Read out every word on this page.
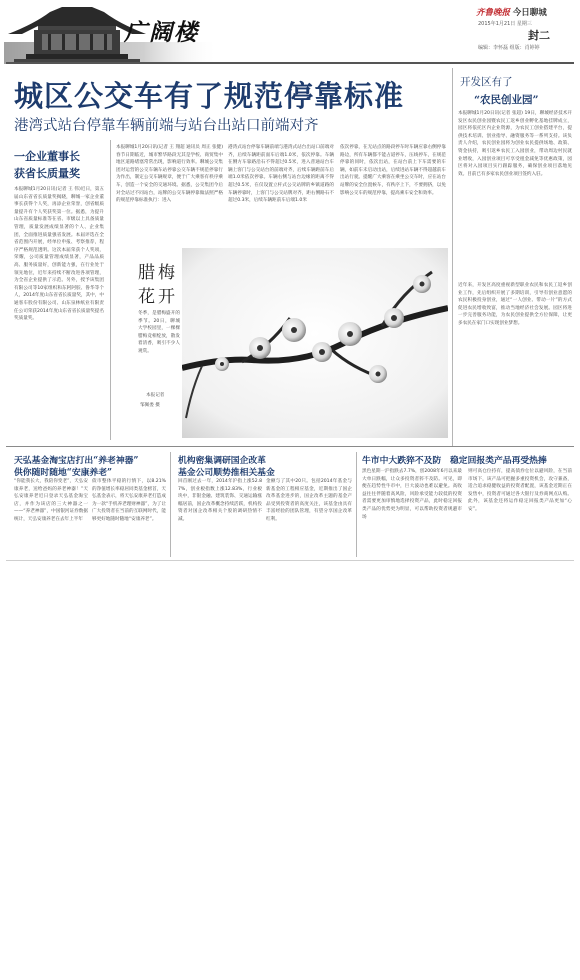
广阔楼
齐鲁晚报 今日聊城
2015年1月21日 星期三
封二
编辑：李怀磊 组版：肖婷婷
城区公交车有了规范停靠标准
港湾式站台停靠车辆前端与站台出站口前端对齐
一企业董事长
获省长质量奖
本报聊城1月20日讯(记者 王 伟)近日，第五届山东省省长质量奖揭晓，聊城一家企业董事长获得个人奖，再添企业荣誉，创省级质量提升有个人奖获奖第一位。据悉，为提升山东省质量标准等在省、市级以上具备质量管理，质量发展成绩显著的个人、企业集团，全面推进质量强省发展。本届评选在全省范围内开展，经单位申报、考察推荐，程序严格规范透明。这次本届荣获个人奖项，荣耀，公司质量管理成绩显著，产品品质高、服务质量好，创新能力强，在行业处于领先地位，近年来持续不断改进各项管理，为全省企业提供了示范。另外，授予该集团有限公司等10家组织和东阿阿胶、鲁华等个人，2014年度山东省省长质量奖，其中，中通客车股份有限公司、山东泉林纸业有限责任公司荣获2014年度山东省省长质量奖提名奖质量奖。
本报聊城1月20日讯(记者 王 翔超 通讯员 周正 张健) 春节日期临近，城市繁华路段无其是学校、商贸集中地区道路堵塞常常出现，影响道行效率。聊城公交集团对运营的公交车辆车站停靠公交车辆不规范停靠行为作出，制定公交车辆规章，便于广大乘客有秩序乘车，创造一个安全的交通环境。据悉，公交集团今后对全站过不同站台，站牌的公交车辆停靠做法照严格的规范停靠标准执行：进入
港湾式站台停靠车辆前端与港湾式站台出站口前端对齐，后续车辆距前面车后端1.0米，依次停靠。车辆在侧方车靠路沿石不得超过0.5米，进入普通站台车辆上客门与公交站台的前端对齐，后续车辆距前车后端1.0米依次停靠。车辆右侧与站台边缘的距离不得超过0.5米，在仅设置立杆式公交站牌的乡镇道路的车辆停靠时，上客门与公交站牌对齐，距右侧路石不超过0.3米，后续车辆距前车后端1.0米
依次停靠，在无站点的路段停车时车辆应靠右侧停靠路边，所有车辆都不能占道停车，压线停车，在规范停靠的同时，依次出站，在站台前上下车需要的车辆，如前车未启动出站，后续进站车辆不得超越前车出站行驶。提醒广大乘客在乘坐公交车时，应在站台站牌的安全位置候车，有秩序上下，不要拥挤，以免影响公交车的规范停靠，提高乘车安全和效率。
腊梅
花开
冬季，是腊梅盛开的季节。20日，聊城大学校园里，一棵棵腊梅竞相绽放，散发着清香，吸引不少人观赏。
本报记者
邹佩娄 摄
开发区有了
“农民创业园”
本报聊城1月20日讯(记者 张超) 19日，聊城经济技术开发区农民创业园暨农民工返乡创业孵化基地挂牌成立，园区将依托区内企业资源，为农民工创业搭建平台，提供技术培训、创业指导、融资服务等一系列支持。该负责人介绍，农民创业园将为创业农民提供场地、政策、资金扶持，吸引返乡农民工入园创业，带动周边村民就业增收，入园创业项目可享受租金减免等优惠政策，园区将对入园项目实行跟踪服务，确保创业项目落地见效。目前已有多家农民创业项目签约入驻。
近年来，开发区高度重视新型职业农民和农民工返乡创业工作，先后组织开展了多期培训，引导有创业意愿的农民积极投身创业，通过“一人创业、带动一片”的方式促进农民增收致富，推动当地经济社会发展。园区将进一步完善服务功能，为农民创业提供全方位保障，让更多农民在家门口实现创业梦想。
天弘基金淘宝店打出“养老神器”
供你随时随地“安康养老”
“你能我长大，我陪你变老”，天弘安康养老，送给爸妈的养老神器！”天弘安康养老近日登录天弘基金淘宝店，并作为该店的三大神器之一——“养老神器”，中国银河证券数据统计，天弘安康养老在去年上半年
债市整体平稳的行情下，以8.21%的净值增长率稳居同类基金榜首，天弘基金表示，将天弘安康养老打造成为一款“手机养老理财神器”，为了让广大投资者在当前的互联网时代，能够更好地随时随地“安康养老”。
机构密集调研国企改革
基金公司顺势推相关基金
回首刚过去一年，2014年沪指上涨52.87%，创业板指数上涨12.83%，行业板块中，非银金融、建筑装饰、交通运输涨幅居前，国企改革概念持续活跃，机构投资者对国企改革相关个股的调研热情不减。
金额与了其中20只。包括2014年基金与新基金的工程相应基金，近期推出了国企改革基金进步的，国企改革主题的基金产品受到投资者的高度关注，该基金由具有丰富经验的团队管理，有望分享国企改革红利。
牛市中大跌猝不及防 稳定回报类产品再受热捧
黑色星期一沪指跌去7.7%，创2008年6月以来最大单日跌幅，让众多投资者猝不及防。可见，即便在趋势性牛市中，巨大波动也难以避免。高收益往往伴随着高风险，风险承受能力较低的投资者需要更加审慎地选择投资产品，此时稳定回报类产品的优势更为明显，可以帮助投资者规避市场
则可高仓位持有，提高债券仓位以避风险，在当前市场下，该产品可把握多重投资机会，攻守兼备，适合追求稳健收益的投资者配置，该基金近期正在发售中，投资者可通过各大银行及券商网点认购。此外，该基金还将运作稳定回报类产品更加“心安”。
